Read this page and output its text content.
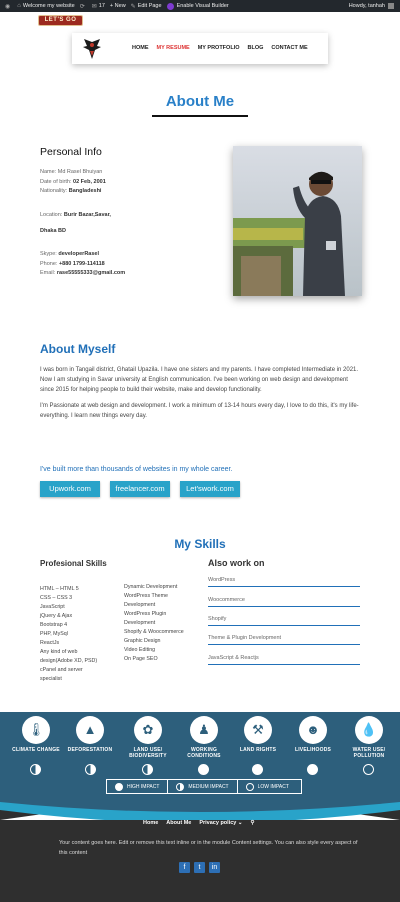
◉ ⌂ Welcome my website ⟳ ✉ 17 + New ✎ Edit Page	Enable Visual Builder	Howdy, tanhah
LET'S GO
HOME MY RESUME MY PROTFOLIO BLOG CONTACT ME
About Me
Personal Info
Name: Md Rasel Bhuiyan
Date of birth: 02 Feb, 2001
Nationality: Bangladeshi
Location: Burir Bazar,Savar,
Dhaka BD
Skype: developerRasel
Phone: +880 1799-114118
Email: rase55555333@gmail.com
About Myself
I was born in Tangail district, Ghatail Upazila. I have one sisters and my parents. I have completed Intermediate in 2021. Now I am studying in Savar university at English communication. I've been working on web design and development since 2015 for helping people to build their website, make and develop functionality.
I'm Passionate at web design and development. I work a minimum of 13-14 hours every day, I love to do this, it's my life- everything. I learn new things every day.
I've built more than thousands of websites in my whole career.
Upwork.com	freelancer.com	Let'swork.com
My Skills
Profesional Skills	Also work on
HTML – HTML 5
CSS – CSS 3
JavaScript
jQuery & Ajax
Bootstrap 4
PHP, MySql
ReactJs
Any kind of web
design(Adobe XD, PSD)
cPanel and server
specialist
Dynamic Development
WordPress Theme
Development
WordPress Plugin
Development
Shopify & Woocommerce
Graphic Design
Video Editing
On Page SEO
WordPress
Woocommerce
Shopify
Theme & Plugin Development
JavaScript & Reactjs
🌡
CLIMATE CHANGE
▲
DEFORESTATION
✿
LAND USE/
BIODIVERSITY
♟
WORKING
CONDITIONS
⚒
LAND RIGHTS
☻
LIVELIHOODS
💧
WATER USE/
POLLUTION
HIGH IMPACT	MEDIUM IMPACT	LOW IMPACT
Home About Me Privacy policy ⌄ ⚲
Your content goes here. Edit or remove this text inline or in the module Content settings. You can also style every aspect of this content
f	t	in
